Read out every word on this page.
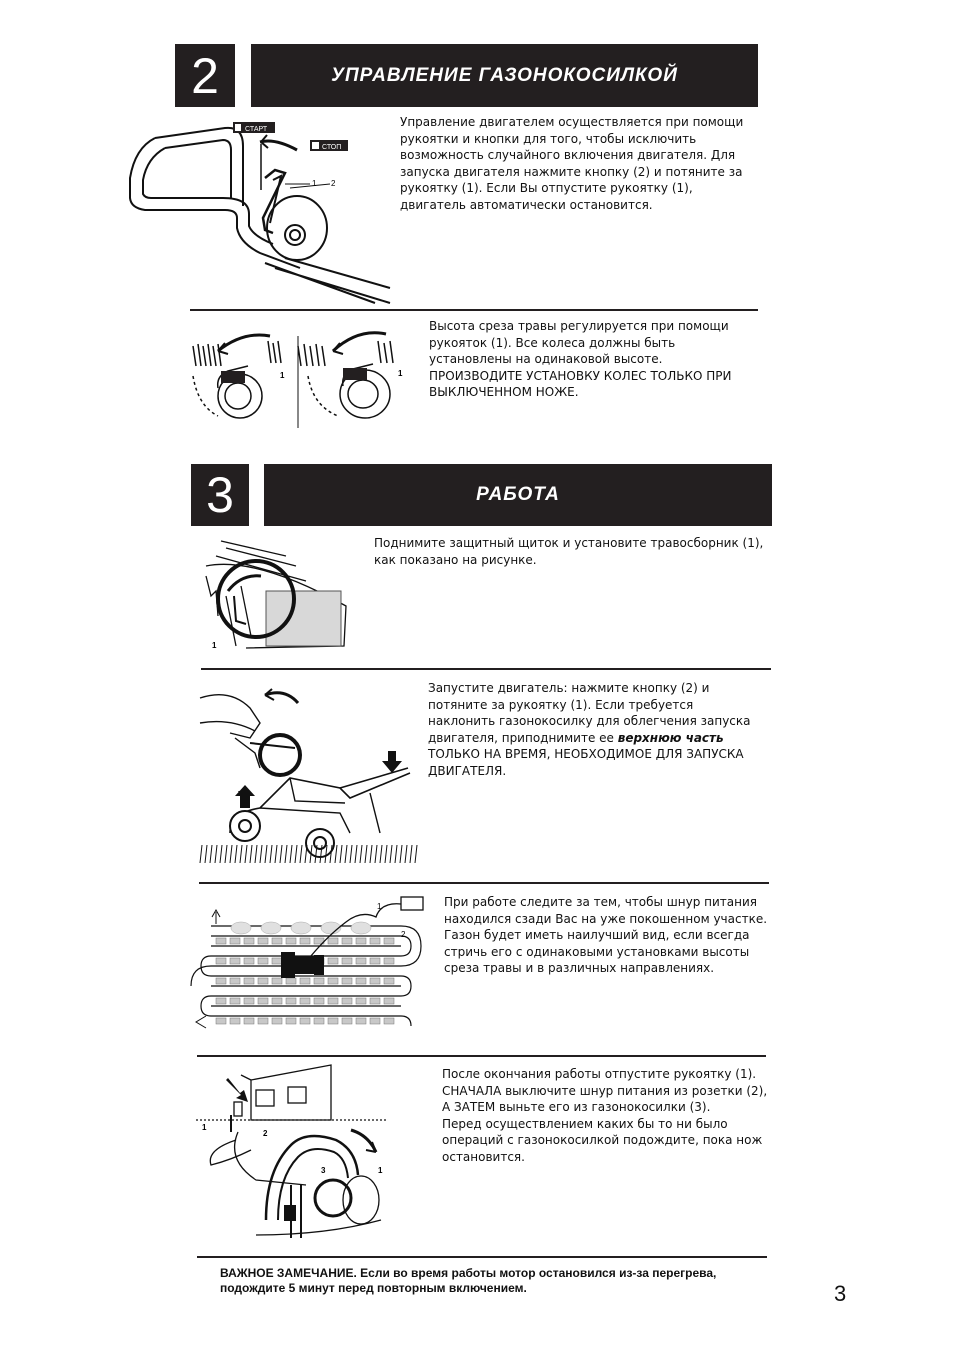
2	УПРАВЛЕНИЕ ГАЗОНОКОСИЛКОЙ
СТАРТ
СТОП
1 2

Управление двигателем осуществляется при помощи рукоятки и кнопки для того, чтобы исключить возможность случайного включения двигателя. Для запуска двигателя нажмите кнопку (2) и потяните за рукоятку (1). Если Вы отпустите рукоятку (1), двигатель автоматически остановится.

1	1

Высота среза травы регулируется при помощи рукояток (1). Все колеса должны быть установлены на одинаковой высоте.

ПРОИЗВОДИТЕ УСТАНОВКУ КОЛЕС ТОЛЬКО ПРИ ВЫКЛЮЧЕННОМ НОЖЕ.

3	РАБОТА
1

Поднимите защитный щиток и установите травосборник (1), как показано на рисунке.

Запустите двигатель: нажмите кнопку (2) и потяните за рукоятку (1). Если требуется наклонить газонокосилку для облегчения запуска двигателя, приподнимите ее верхнюю часть ТОЛЬКО НА ВРЕМЯ, НЕОБХОДИМОЕ ДЛЯ ЗАПУСКА ДВИГАТЕЛЯ.

1
2

При работе следите за тем, чтобы шнур питания находился сзади Вас на уже покошенном участке. Газон будет иметь наилучший вид, если всегда стричь его с одинаковыми установками высоты среза травы и в различных направлениях.

1
2
3	1

После окончания работы отпустите рукоятку (1).

СНАЧАЛА выключите шнур питания из розетки (2),

А ЗАТЕМ выньте его из газонокосилки (3).

Перед осуществлением каких бы то ни было операций с газонокосилкой подождите, пока нож остановится.

ВАЖНОЕ ЗАМЕЧАНИЕ. Если во время работы мотор остановился из-за перегрева,
подождите 5 минут перед повторным включением.	3
